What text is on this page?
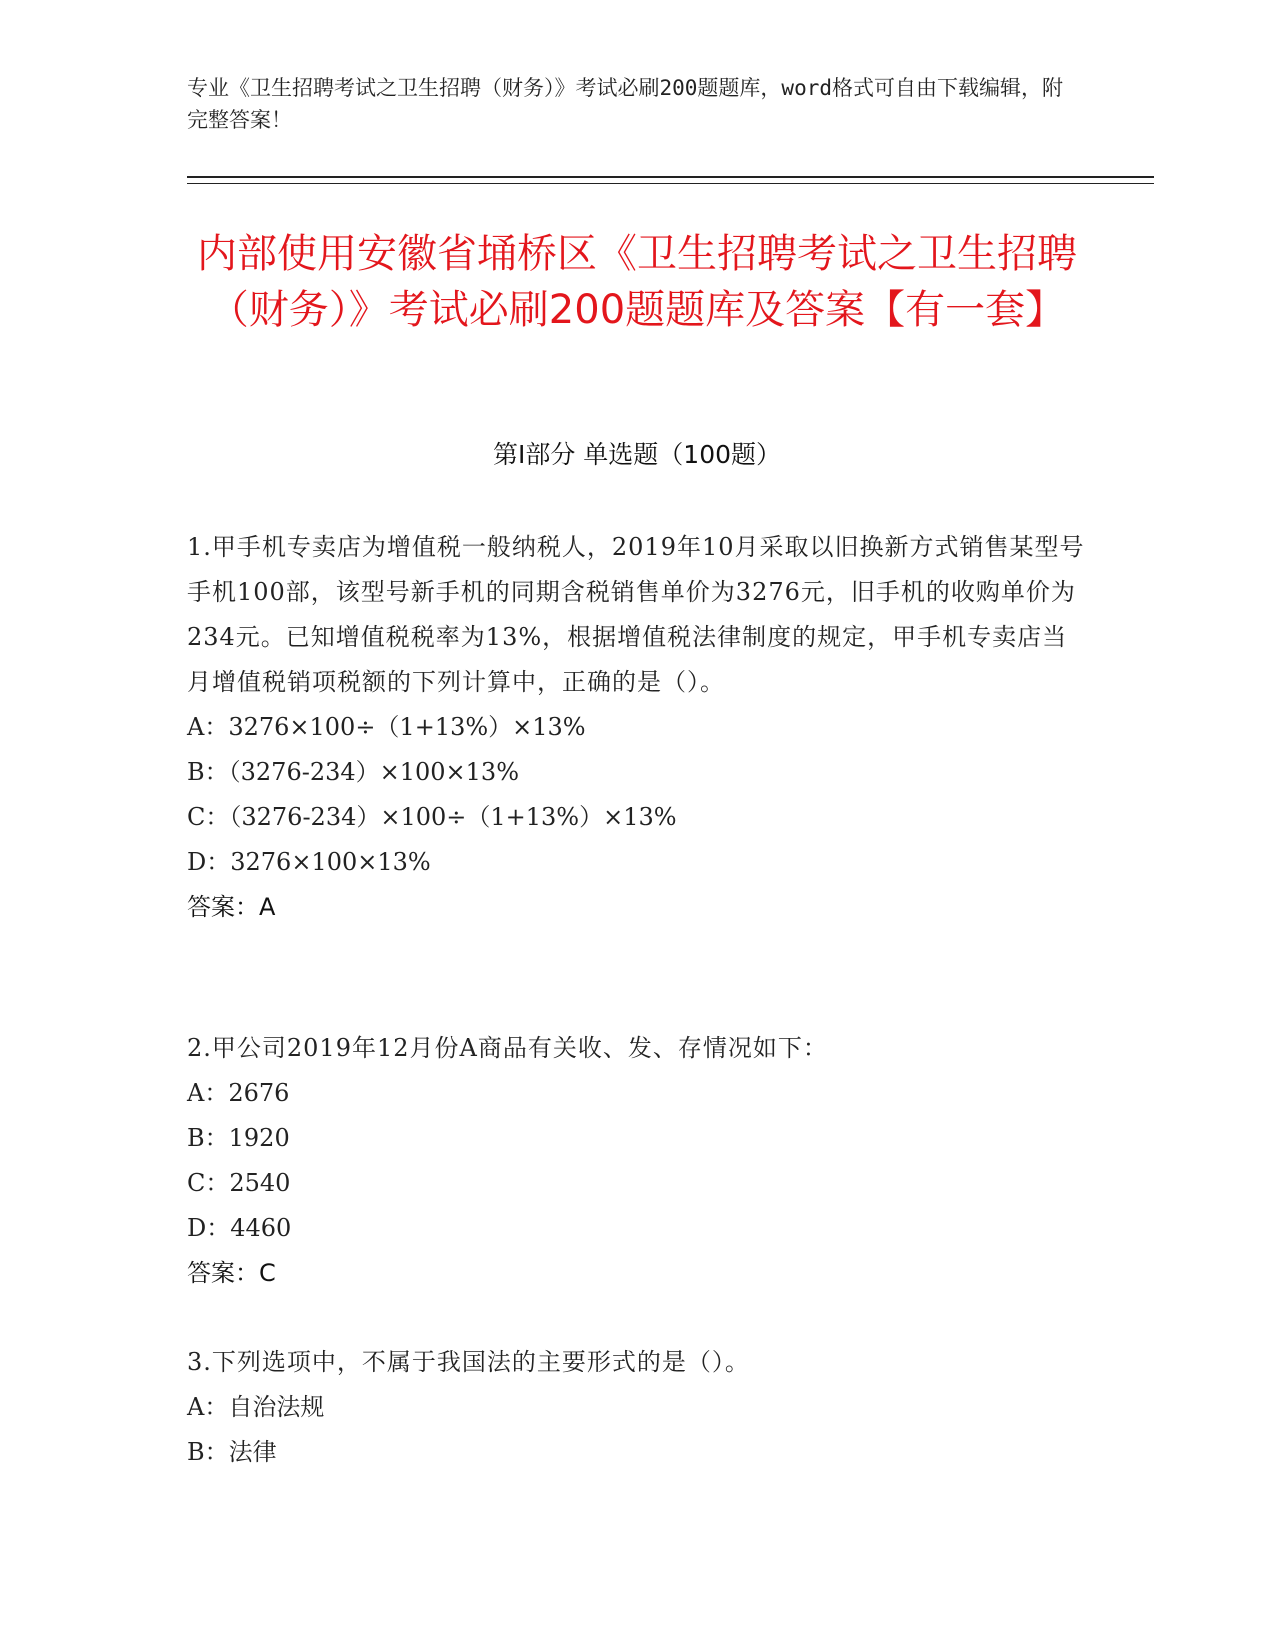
专业《卫生招聘考试之卫生招聘（财务）》考试必刷200题题库，word格式可自由下载编辑，附完整答案！

内部使用安徽省埇桥区《卫生招聘考试之卫生招聘（财务）》考试必刷200题题库及答案【有一套】
第Ⅰ部分 单选题（100题）

1.甲手机专卖店为增值税一般纳税人，2019年10月采取以旧换新方式销售某型号手机100部，该型号新手机的同期含税销售单价为3276元，旧手机的收购单价为234元。已知增值税税率为13%，根据增值税法律制度的规定，甲手机专卖店当月增值税销项税额的下列计算中，正确的是（）。

A：3276×100÷（1+13%）×13%

B：（3276-234）×100×13%

C：（3276-234）×100÷（1+13%）×13%

D：3276×100×13%

答案：A

2.甲公司2019年12月份A商品有关收、发、存情况如下：

A：2676

B：1920

C：2540

D：4460

答案：C

3.下列选项中，不属于我国法的主要形式的是（）。

A：自治法规

B：法律
